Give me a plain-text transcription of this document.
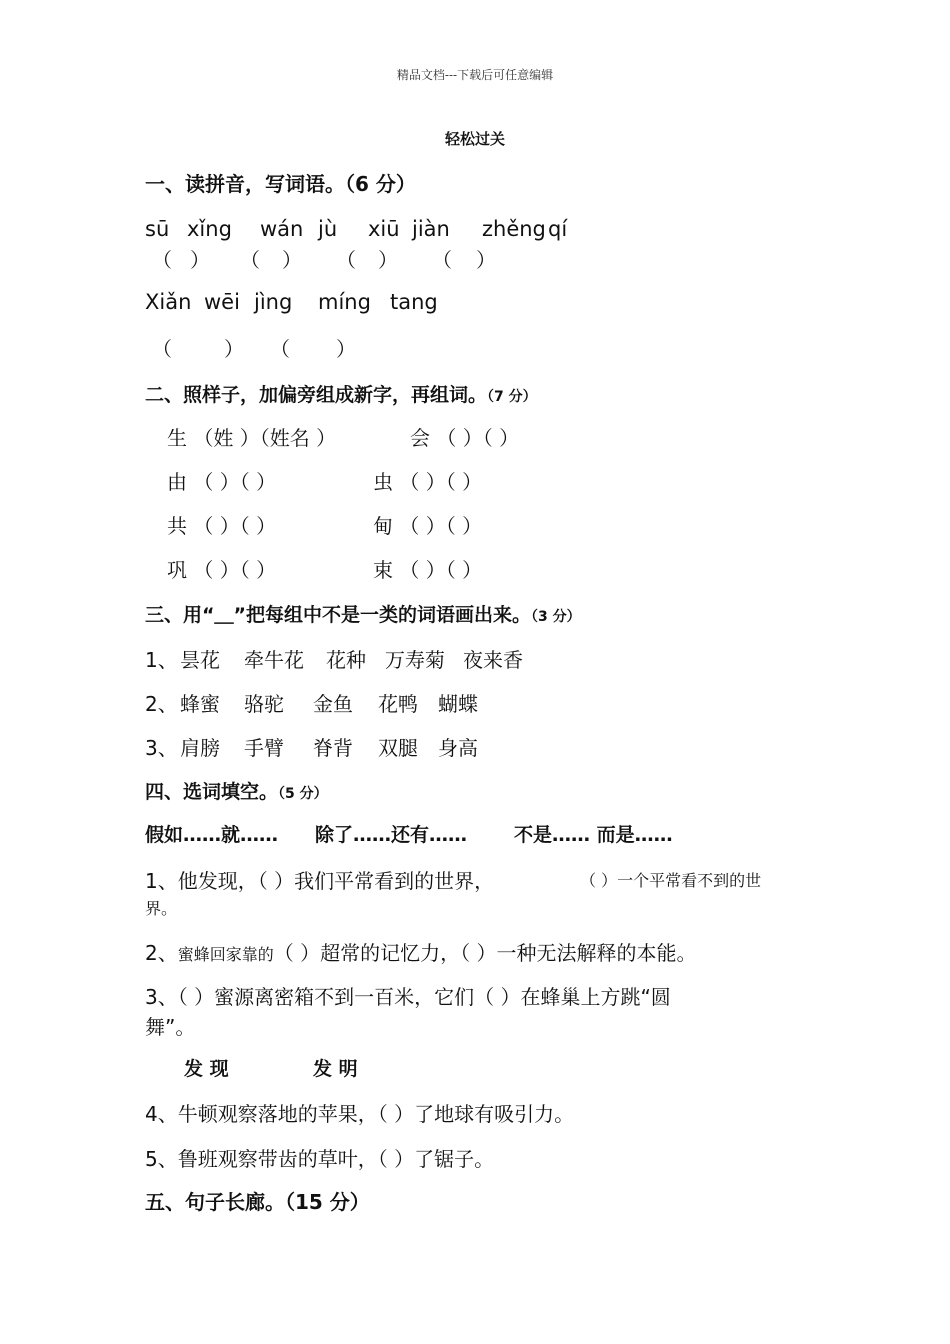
精品文档---下载后可任意编辑
轻松过关
一、读拼音，写词语。（6 分）
sū xǐng wán jù xiū jiàn zhěng qí
（ ） （ ） （ ） （ ）
Xiǎn wēi jìng míng tang
（	） （ ）
二、照样子，加偏旁组成新字，再组词。（7 分）
生 （姓 ）（姓名 ）	会 （ ）（ ）
由 （ ）（ ）	虫 （ ）（ ）
共 （ ）（ ）	甸 （ ）（ ）
巩 （ ）（ ）	束 （ ）（ ）
三、用“＿”把每组中不是一类的词语画出来。（3 分）
1、 昙花 牵牛花 花种 万寿菊 夜来香
2、 蜂蜜 骆驼 金鱼 花鸭 蝴蝶
3、 肩膀 手臂 脊背 双腿 身高
四、选词填空。（5 分）
假如……就…… 除了……还有…… 不是…… 而是……
1、他发现，（ ）我们平常看到的世界，	（ ）一个平常看不到的世
界。
2、蜜蜂回家靠的（ ）超常的记忆力，（ ）一种无法解释的本能。
3、（ ）蜜源离密箱不到一百米，它们（ ）在蜂巢上方跳“圆
舞”。
发 现	发 明
4、牛顿观察落地的苹果，（ ）了地球有吸引力。
5、鲁班观察带齿的草叶，（ ）了锯子。
五、句子长廊。（15 分）
